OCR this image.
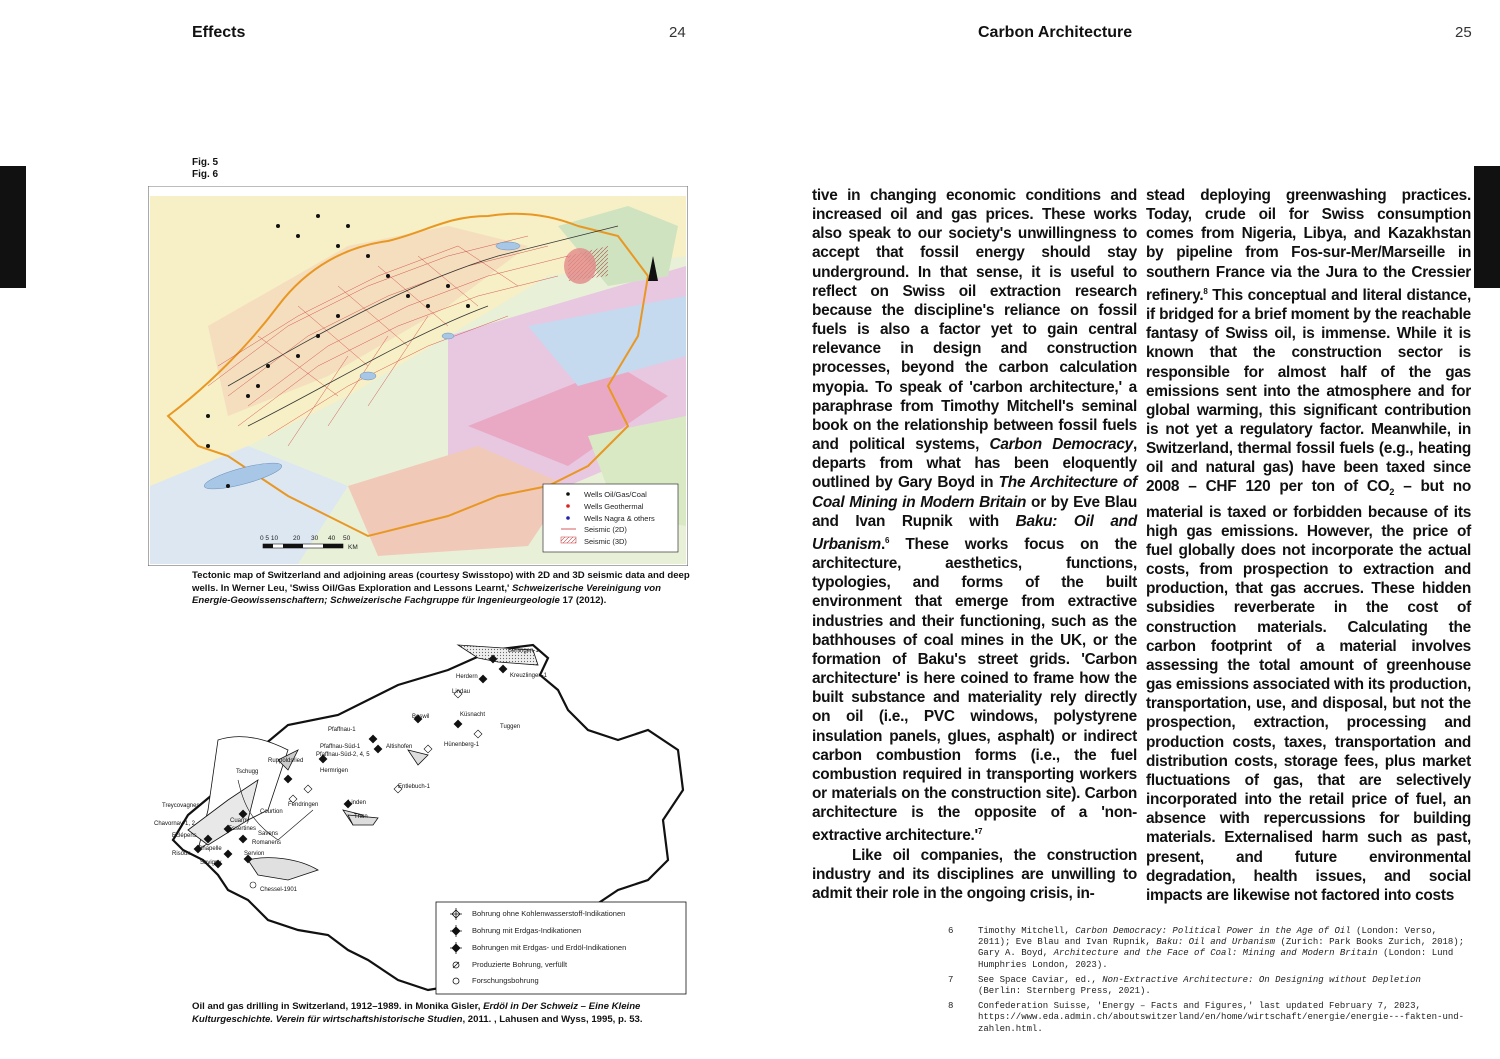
Effects	24	Carbon Architecture	25
Fig. 5
Fig. 6
0 5 10 20 30 40 50
KM
Wells Oil/Gas/Coal
Wells Geothermal
Wells Nagra & others
Seismic (2D)
Seismic (3D)
Tectonic map of Switzerland and adjoining areas (courtesy Swisstopo) with 2D and 3D seismic data and deep wells. In Werner Leu, 'Swiss Oil/Gas Exploration and Lessons Learnt,' Schweizerische Vereinigung von Energie-Geowissenschaftern; Schweizerische Fachgruppe für Ingenieurgeologie 17 (2012).
Berlingen-1
Kreuzlingen-1
Herdern
Lindau
Boswil	Küsnacht
Tuggen
Pfaffnau-1
Pfaffnau-Süd-1	Altishofen
Pfaffnau-Süd-2, 4, 5
Hünenberg-1
Ruppoldsried
Hermrigen
Tschugg
Entlebuch-1
Fendringen
Courtion
Linden
Treycovagnes
Thun
Chavornay-1, 2	Cuarny
Essertines
Eclépens	Savens
Chapelle
Romanens
Risoux	Servion
Savigny
Chessel-1901
Bohrung ohne Kohlenwasserstoff-Indikationen
Bohrung mit Erdgas-Indikationen
Bohrungen mit Erdgas- und Erdöl-Indikationen
Produzierte Bohrung, verfüllt
Forschungsbohrung
Oil and gas drilling in Switzerland, 1912–1989. in Monika Gisler, Erdöl in Der Schweiz – Eine Kleine Kulturgeschichte. Verein für wirtschaftshistorische Studien, 2011. , Lahusen and Wyss, 1995, p. 53.

tive in changing economic conditions and increased oil and gas prices. These works also speak to our society's unwillingness to accept that fossil energy should stay underground. In that sense, it is useful to reflect on Swiss oil extraction research because the discipline's reliance on fossil fuels is also a factor yet to gain central relevance in design and construction processes, beyond the carbon calculation myopia. To speak of 'carbon architecture,' a paraphrase from Timothy Mitchell's seminal book on the relationship between fossil fuels and political systems, Carbon Democracy, departs from what has been eloquently outlined by Gary Boyd in The Architecture of Coal Mining in Modern Britain or by Eve Blau and Ivan Rupnik with Baku: Oil and Urbanism.$^6$ These works focus on the architecture, aesthetics, functions, typologies, and forms of the built environment that emerge from extractive industries and their functioning, such as the bathhouses of coal mines in the UK, or the formation of Baku's street grids. 'Carbon architecture' is here coined to frame how the built substance and materiality rely directly on oil (i.e., PVC windows, polystyrene insulation panels, glues, asphalt) or indirect carbon combustion forms (i.e., the fuel combustion required in transporting workers or materials on the construction site). Carbon architecture is the opposite of a 'non-extractive $architecture.'^7$

Like oil companies, the construction industry and its disciplines are unwilling to admit their role in the ongoing crisis, in-

stead deploying greenwashing practices. Today, crude oil for Swiss consumption comes from Nigeria, Libya, and Kazakhstan by pipeline from Fos-sur-Mer/Marseille in southern France via the Jura to the Cressier refinery.$^8$ This conceptual and literal distance, if bridged for a brief moment by the reachable fantasy of Swiss oil, is immense. While it is known that the construction sector is responsible for almost half of the gas emissions sent into the atmosphere and for global warming, this significant contribution is not yet a regulatory factor. Meanwhile, in Switzerland, thermal fossil fuels (e.g., heating oil and natural gas) have been taxed since 2008 – CHF 120 per ton of $CO_2$ – but no material is taxed or forbidden because of its high gas emissions. However, the price of fuel globally does not incorporate the actual costs, from prospection to extraction and production, that gas accrues. These hidden subsidies reverberate in the cost of construction materials. Calculating the carbon footprint of a material involves assessing the total amount of greenhouse gas emissions associated with its production, transportation, use, and disposal, but not the prospection, extraction, processing and production costs, taxes, transportation and distribution costs, storage fees, plus market fluctuations of gas, that are selectively incorporated into the retail price of fuel, an absence with repercussions for building materials. Externalised harm such as past, present, and future environmental degradation, health issues, and social impacts are likewise not factored into costs

6	Timothy Mitchell, Carbon Democracy: Political Power in the Age of Oil (London: Verso, 2011); Eve Blau and Ivan Rupnik, Baku: Oil and Urbanism (Zurich: Park Books Zurich, 2018); Gary A. Boyd, Architecture and the Face of Coal: Mining and Modern Britain (London: Lund Humphries London, 2023).
7	See Space Caviar, ed., Non-Extractive Architecture: On Designing without Depletion (Berlin: Sternberg Press, 2021).
8	Confederation Suisse, 'Energy – Facts and Figures,' last updated February 7, 2023, https://www.eda.admin.ch/aboutswitzerland/en/home/wirtschaft/energie/energie---fakten-und-zahlen.html.
